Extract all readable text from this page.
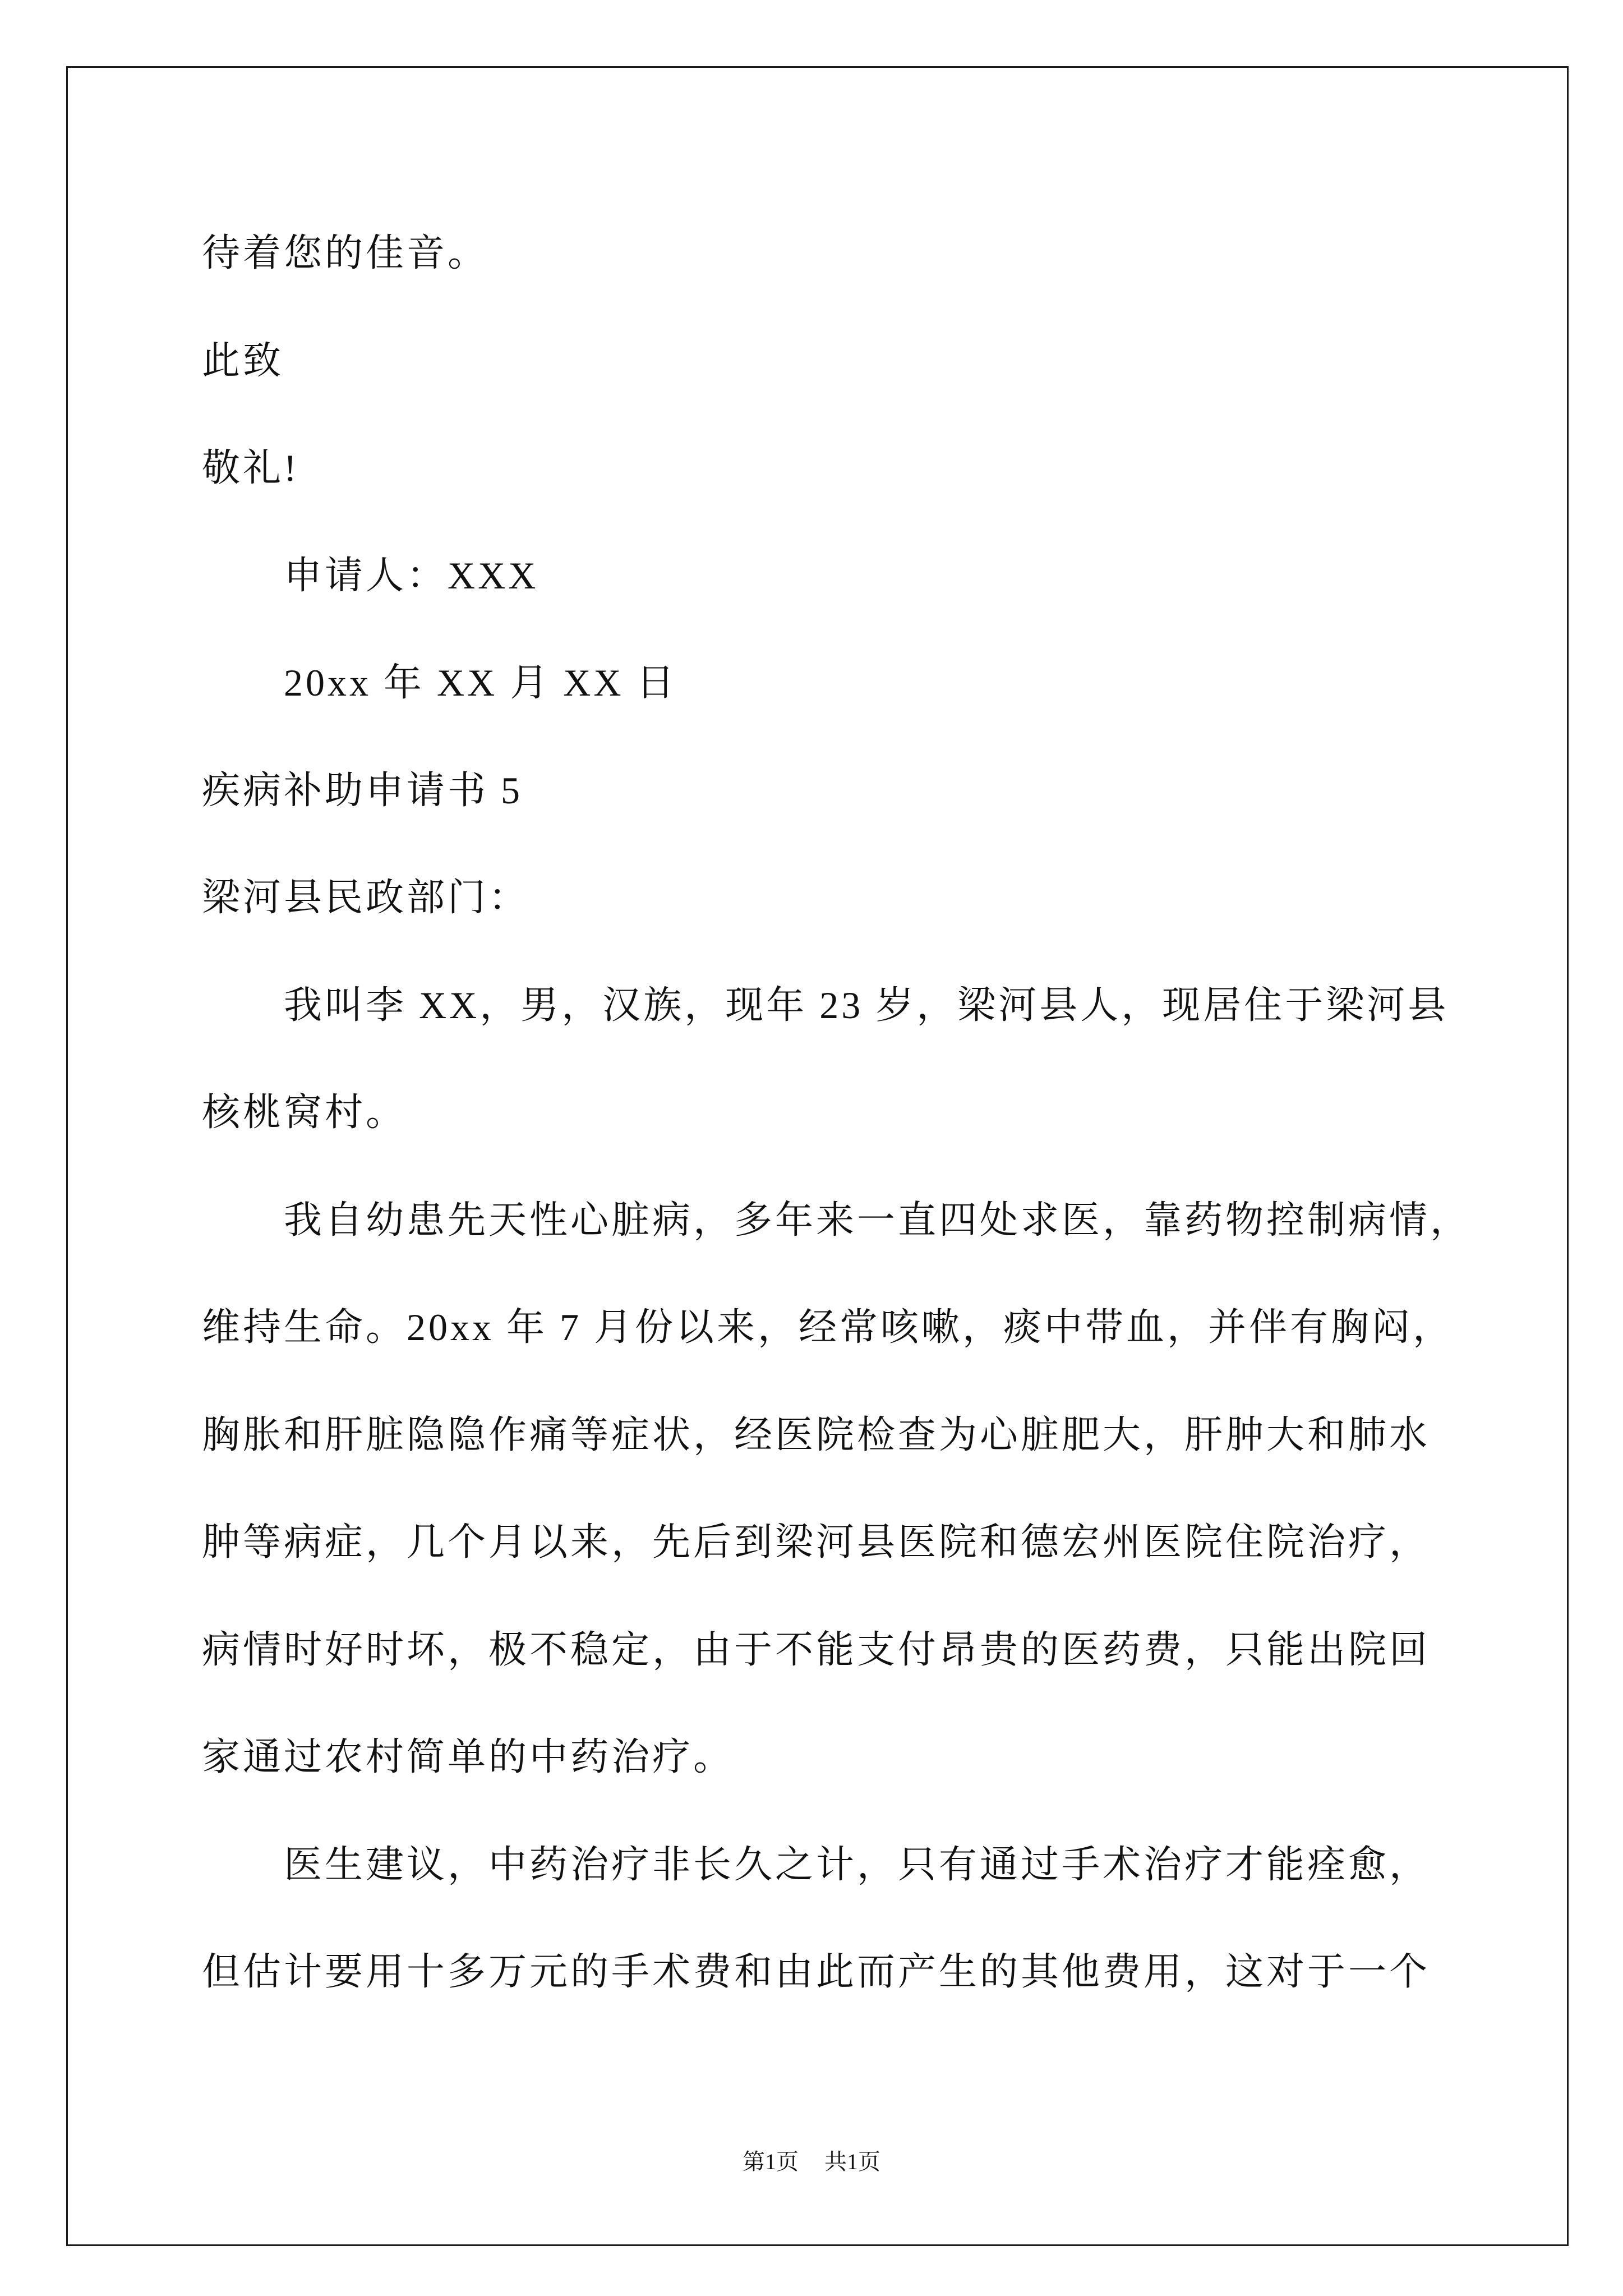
待着您的佳音。
此致
敬礼!
申请人：XXX
20xx 年 XX 月 XX 日
疾病补助申请书 5
梁河县民政部门：
我叫李 XX，男，汉族，现年 23 岁，梁河县人，现居住于梁河县
核桃窝村。
我自幼患先天性心脏病，多年来一直四处求医，靠药物控制病情，
维持生命。20xx 年 7 月份以来，经常咳嗽，痰中带血，并伴有胸闷，
胸胀和肝脏隐隐作痛等症状，经医院检查为心脏肥大，肝肿大和肺水
肿等病症，几个月以来，先后到梁河县医院和德宏州医院住院治疗，
病情时好时坏，极不稳定，由于不能支付昂贵的医药费，只能出院回
家通过农村简单的中药治疗。
医生建议，中药治疗非长久之计，只有通过手术治疗才能痊愈，
但估计要用十多万元的手术费和由此而产生的其他费用，这对于一个
第1页 共1页
